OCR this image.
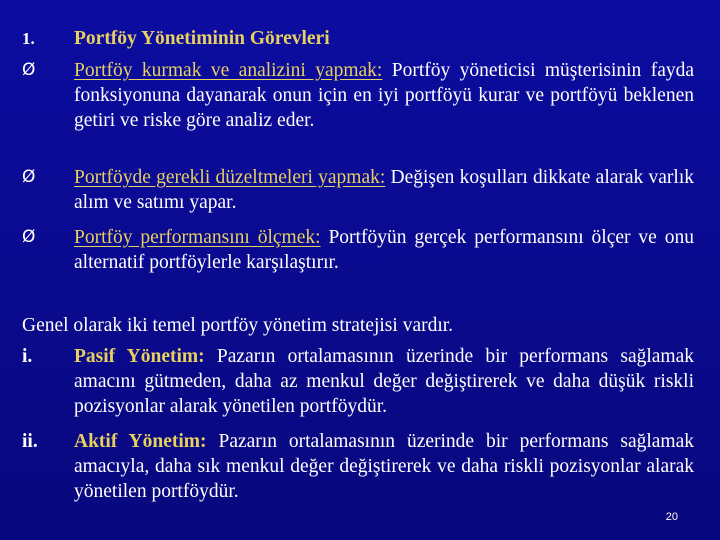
1.	Portföy Yönetiminin Görevleri
Ø	Portföy kurmak ve analizini yapmak: Portföy yöneticisi müşterisinin fayda fonksiyonuna dayanarak onun için en iyi portföyü kurar ve portföyü beklenen getiri ve riske göre analiz eder.
Ø	Portföyde gerekli düzeltmeleri yapmak: Değişen koşulları dikkate alarak varlık alım ve satımı yapar.
Ø	Portföy performansını ölçmek: Portföyün gerçek performansını ölçer ve onu alternatif portföylerle karşılaştırır.
Genel olarak iki temel portföy yönetim stratejisi vardır.
i.	Pasif Yönetim: Pazarın ortalamasının üzerinde bir performans sağlamak amacını gütmeden, daha az menkul değer değiştirerek ve daha düşük riskli pozisyonlar alarak yönetilen portföydür.
ii.	Aktif Yönetim: Pazarın ortalamasının üzerinde bir performans sağlamak amacıyla, daha sık menkul değer değiştirerek ve daha riskli pozisyonlar alarak yönetilen portföydür.
20
